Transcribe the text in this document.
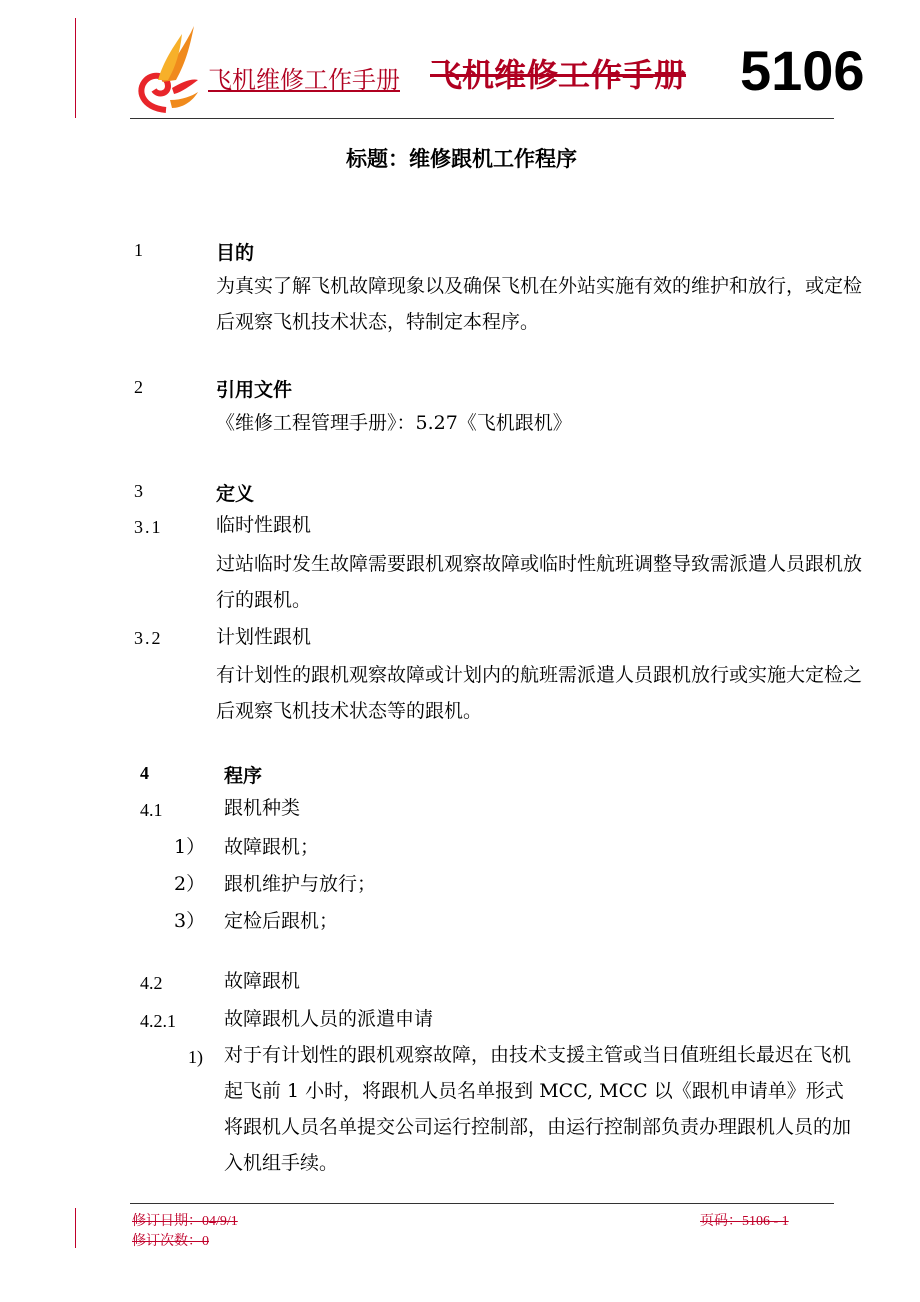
飞机维修工作手册 飞机维修工作手册 5106
标题：维修跟机工作程序
1	目的
为真实了解飞机故障现象以及确保飞机在外站实施有效的维护和放行，或定检后观察飞机技术状态，特制定本程序。
2	引用文件
《维修工程管理手册》：5.27《飞机跟机》
3	定义
3.1	临时性跟机
过站临时发生故障需要跟机观察故障或临时性航班调整导致需派遣人员跟机放行的跟机。
3.2	计划性跟机
有计划性的跟机观察故障或计划内的航班需派遣人员跟机放行或实施大定检之后观察飞机技术状态等的跟机。
4	程序
4.1	跟机种类
1） 故障跟机；
2） 跟机维护与放行；
3） 定检后跟机；
4.2	故障跟机
4.2.1	故障跟机人员的派遣申请
1) 对于有计划性的跟机观察故障，由技术支援主管或当日值班组长最迟在飞机起飞前 1 小时，将跟机人员名单报到 MCC, MCC 以《跟机申请单》形式将跟机人员名单提交公司运行控制部，由运行控制部负责办理跟机人员的加入机组手续。
修订日期：04/9/1	页码：5106 - 1
修订次数：0
